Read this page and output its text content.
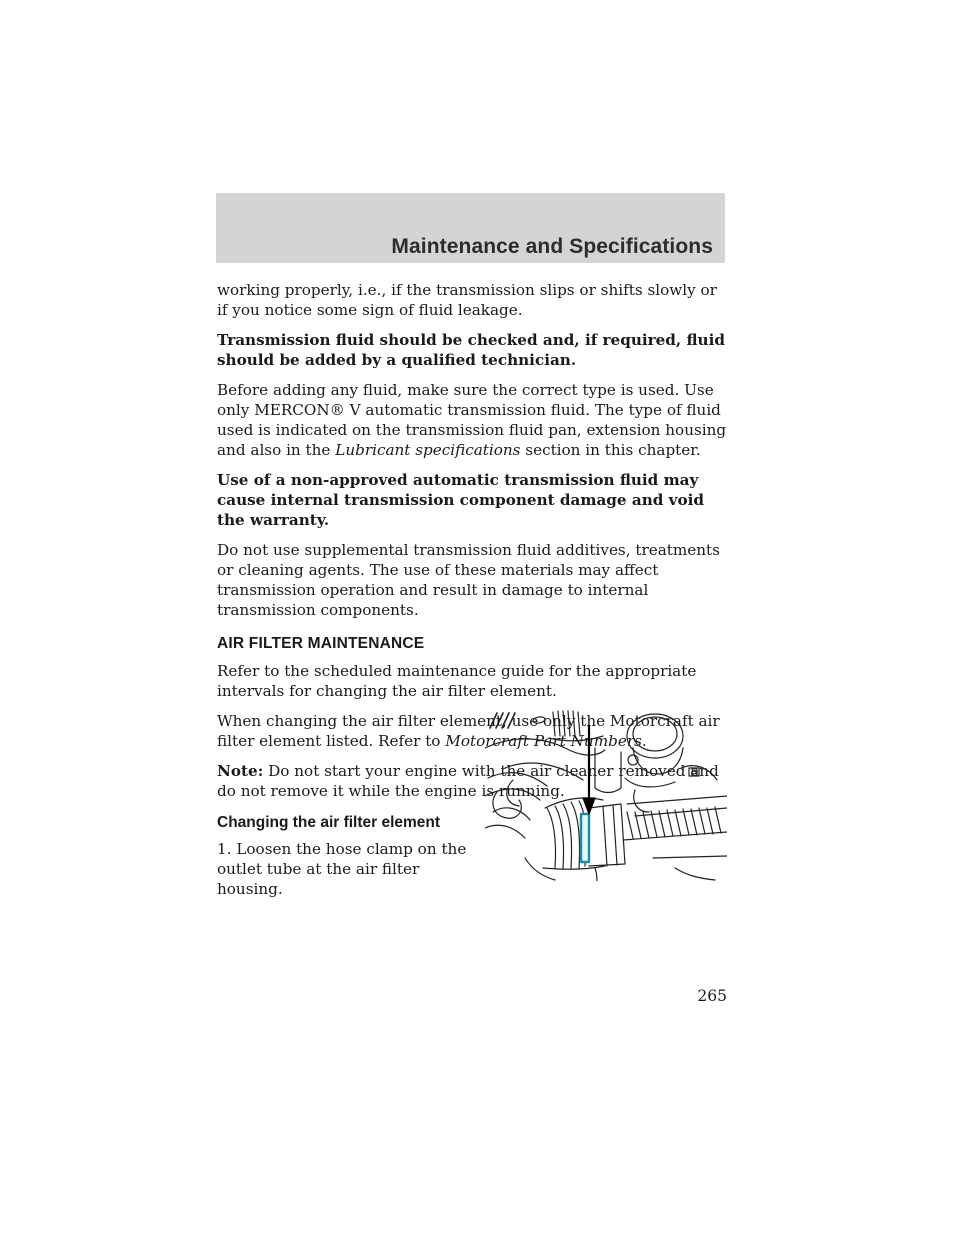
Maintenance and Specifications

working properly, i.e., if the transmission slips or shifts slowly or if you notice some sign of fluid leakage.

Transmission fluid should be checked and, if required, fluid should be added by a qualified technician.

Before adding any fluid, make sure the correct type is used. Use only MERCON® V automatic transmission fluid. The type of fluid used is indicated on the transmission fluid pan, extension housing and also in the Lubricant specifications section in this chapter.

Use of a non-approved automatic transmission fluid may cause internal transmission component damage and void the warranty.

Do not use supplemental transmission fluid additives, treatments or cleaning agents. The use of these materials may affect transmission operation and result in damage to internal transmission components.

AIR FILTER MAINTENANCE

Refer to the scheduled maintenance guide for the appropriate intervals for changing the air filter element.

When changing the air filter element, use only the Motorcraft air filter element listed. Refer to Motorcraft Part Numbers.

Note: Do not start your engine with the air cleaner removed and do not remove it while the engine is running.

Changing the air filter element

1. Loosen the hose clamp on the outlet tube at the air filter housing.

265
